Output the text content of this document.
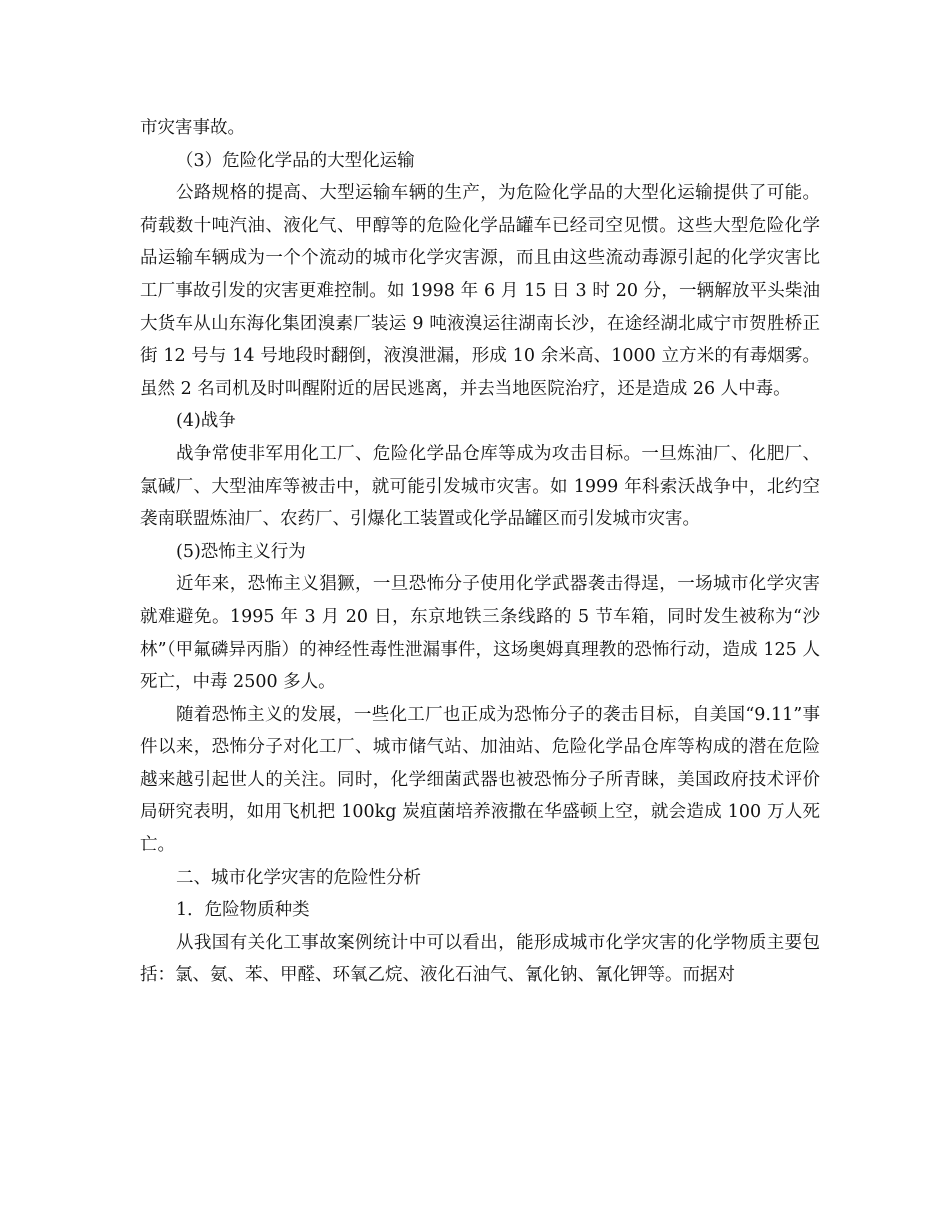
市灾害事故。

（3）危险化学品的大型化运输

公路规格的提高、大型运输车辆的生产，为危险化学品的大型化运输提供了可能。荷载数十吨汽油、液化气、甲醇等的危险化学品罐车已经司空见惯。这些大型危险化学品运输车辆成为一个个流动的城市化学灾害源，而且由这些流动毒源引起的化学灾害比工厂事故引发的灾害更难控制。如 1998 年 6 月 15 日 3 时 20 分，一辆解放平头柴油大货车从山东海化集团溴素厂装运 9 吨液溴运往湖南长沙，在途经湖北咸宁市贺胜桥正街 12 号与 14 号地段时翻倒，液溴泄漏，形成 10 余米高、1000 立方米的有毒烟雾。虽然 2 名司机及时叫醒附近的居民逃离，并去当地医院治疗，还是造成 26 人中毒。

(4)战争

战争常使非军用化工厂、危险化学品仓库等成为攻击目标。一旦炼油厂、化肥厂、氯碱厂、大型油库等被击中，就可能引发城市灾害。如 1999 年科索沃战争中，北约空袭南联盟炼油厂、农药厂、引爆化工装置或化学品罐区而引发城市灾害。

(5)恐怖主义行为

近年来，恐怖主义猖獗，一旦恐怖分子使用化学武器袭击得逞，一场城市化学灾害就难避免。1995 年 3 月 20 日，东京地铁三条线路的 5 节车箱，同时发生被称为“沙林”（甲氟磷异丙脂）的神经性毒性泄漏事件，这场奥姆真理教的恐怖行动，造成 125 人死亡，中毒 2500 多人。

随着恐怖主义的发展，一些化工厂也正成为恐怖分子的袭击目标，自美国“9.11”事件以来，恐怖分子对化工厂、城市储气站、加油站、危险化学品仓库等构成的潜在危险越来越引起世人的关注。同时，化学细菌武器也被恐怖分子所青睐，美国政府技术评价局研究表明，如用飞机把 100kg 炭疽菌培养液撒在华盛顿上空，就会造成 100 万人死亡。

二、城市化学灾害的危险性分析

1．危险物质种类

从我国有关化工事故案例统计中可以看出，能形成城市化学灾害的化学物质主要包括：氯、氨、苯、甲醛、环氧乙烷、液化石油气、氰化钠、氰化钾等。而据对
